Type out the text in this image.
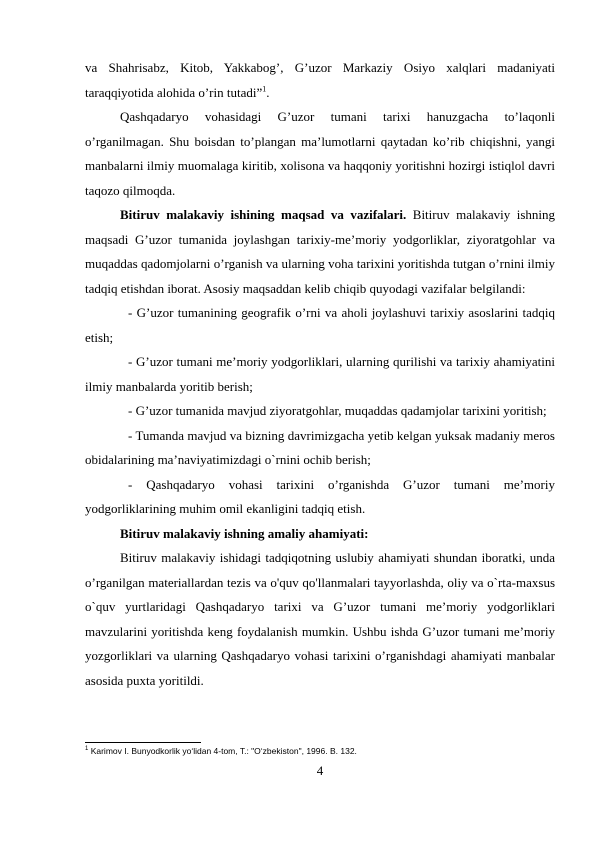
va Shahrisabz, Kitob, Yakkabog’, G’uzor Markaziy Osiyo xalqlari madaniyati taraqqiyotida alohida o’rin tutadi”$^1$.

Qashqadaryo vohasidagi G’uzor tumani tarixi hanuzgacha to’laqonli o’rganilmagan. Shu boisdan to’plangan ma’lumotlarni qaytadan ko’rib chiqishni, yangi manbalarni ilmiy muomalaga kiritib, xolisona va haqqoniy yoritishni hozirgi istiqlol davri taqozo qilmoqda.

Bitiruv malakaviy ishining maqsad va vazifalari. Bitiruv malakaviy ishning maqsadi G’uzor tumanida joylashgan tarixiy-me’moriy yodgorliklar, ziyoratgohlar va muqaddas qadomjolarni o’rganish va ularning voha tarixini yoritishda tutgan o’rnini ilmiy tadqiq etishdan iborat. Asosiy maqsaddan kelib chiqib quyodagi vazifalar belgilandi:

- G’uzor tumanining geografik o’rni va aholi joylashuvi tarixiy asoslarini tadqiq etish;

- G’uzor tumani me’moriy yodgorliklari, ularning qurilishi va tarixiy ahamiyatini ilmiy manbalarda yoritib berish;

- G’uzor tumanida mavjud ziyoratgohlar, muqaddas qadamjolar tarixini yoritish;

- Tumanda mavjud va bizning davrimizgacha yetib kelgan yuksak madaniy meros obidalarining ma’naviyatimizdagi o`rnini ochib berish;

- Qashqadaryo vohasi tarixini o’rganishda G’uzor tumani me’moriy yodgorliklarining muhim omil ekanligini tadqiq etish.

Bitiruv malakaviy ishning amaliy ahamiyati:

Bitiruv malakaviy ishidagi tadqiqotning uslubiy ahamiyati shundan iboratki, unda o’rganilgan materiallardan tezis va o'quv qo'llanmalari tayyorlashda, oliy va o`rta-maxsus o`quv yurtlaridagi Qashqadaryo tarixi va G’uzor tumani me’moriy yodgorliklari mavzularini yoritishda keng foydalanish mumkin. Ushbu ishda G’uzor tumani me’moriy yozgorliklari va ularning Qashqadaryo vohasi tarixini o’rganishdagi ahamiyati manbalar asosida puxta yoritildi.

$^1$ Karimov I. Bunyodkorlik yo‘lidan 4-tom, T.: "O‘zbekiston", 1996. B. 132.
4
